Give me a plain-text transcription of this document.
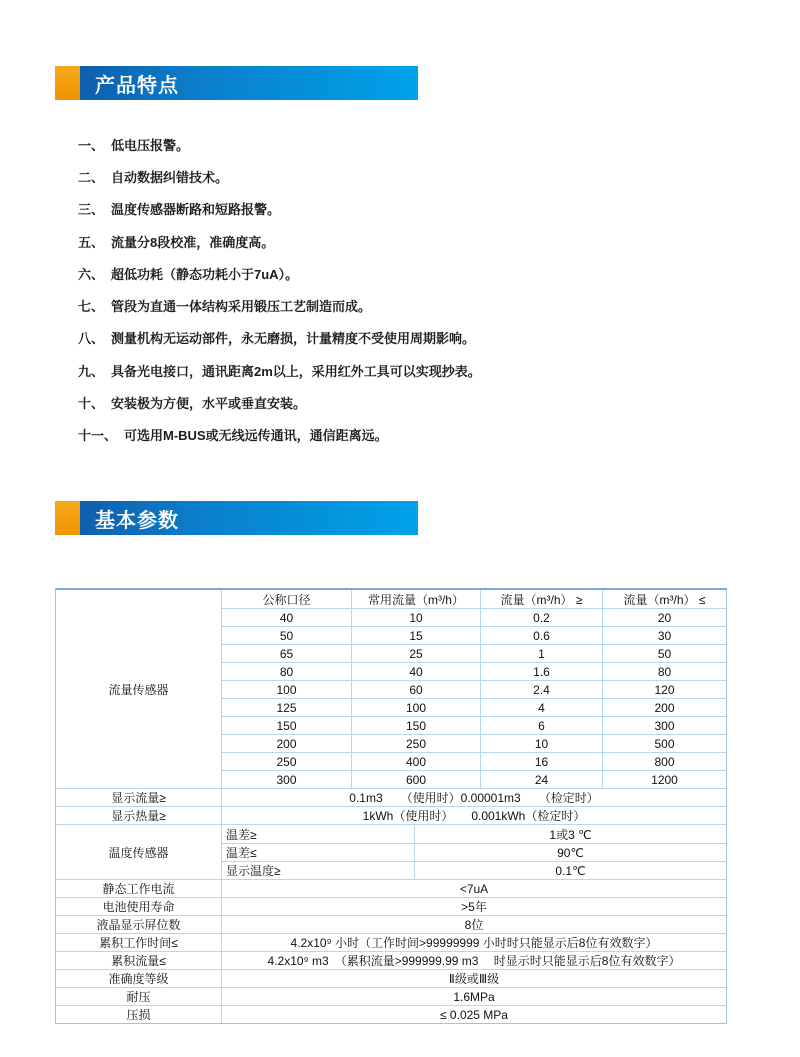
产品特点
一、 低电压报警。
二、 自动数据纠错技术。
三、 温度传感器断路和短路报警。
五、 流量分8段校准，准确度高。
六、 超低功耗（静态功耗小于7uA）。
七、 管段为直通一体结构采用锻压工艺制造而成。
八、 测量机构无运动部件，永无磨损，计量精度不受使用周期影响。
九、 具备光电接口，通讯距离2m以上，采用红外工具可以实现抄表。
十、 安装极为方便，水平或垂直安装。
十一、 可选用M-BUS或无线远传通讯，通信距离远。
基本参数
流量传感器
公称口径	常用流量（m³/h）	流量（m³/h） ≥	流量（m³/h） ≤
40	10	0.2	20
50	15	0.6	30
65	25	1	50
80	40	1.6	80
100	60	2.4	120
125	100	4	200
150	150	6	300
200	250	10	500
250	400	16	800
300	600	24	1200
显示流量≥	0.1m3　　（使用时）0.00001m3　　（检定时）
显示热量≥	1kWh（使用时）　　0.001kWh（检定时）
温度传感器
温差≥	1或3 ℃
温差≤	90℃
显示温度≥	0.1℃
静态工作电流	<7uA
电池使用寿命	>5年
液晶显示屏位数	8位
累积工作时间≤	4.2x10⁹ 小时（工作时间>99999999 小时时只能显示后8位有效数字）
累积流量≤	4.2x10⁹ m3　（累积流量>999999.99 m3　 时显示时只能显示后8位有效数字）
准确度等级	Ⅱ级或Ⅲ级
耐压	1.6MPa
压损	≤ 0.025 MPa
